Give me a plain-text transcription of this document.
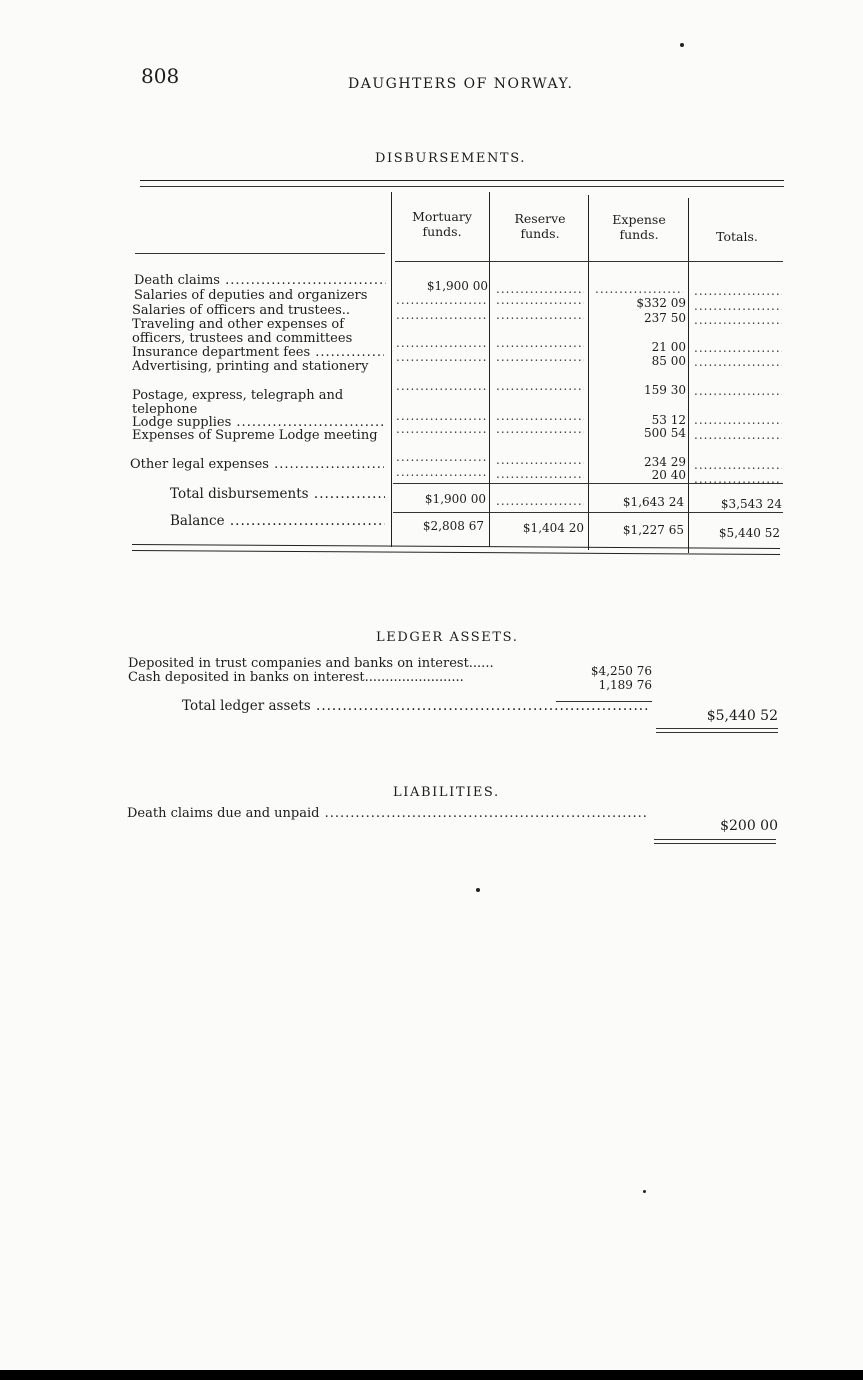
808	DAUGHTERS OF NORWAY.
DISBURSEMENTS.
Mortuary funds.
Reserve funds.
Expense funds.	Totals.
Death claims .....
Salaries of deputies and organizers
Salaries of officers and trustees..
Traveling and other expenses of officers, trustees and committees
Insurance department fees .....
Advertising, printing and stationery
Postage, express, telegraph and telephone
Lodge supplies .....
Expenses of Supreme Lodge meeting
Other legal expenses .....
.....
.....
.....
.....
.....
.....
.....
.....
.....
.....
.....
.....
.....
.....
.....
.....
.....
.....
.....
.....
.....
.....
.....
.....
.....
.....
.....
.....
.....
.....
$1,900 00
$332 09
237 50
21 00
85 00
159 30
53 12
500 54
234 29
20 40
Total disbursements .....	$1,900 00
.....	$1,643 24	$3,543 24
Balance .....	$2,808 67	$1,404 20	$1,227 65	$5,440 52
LEDGER ASSETS.
Deposited in trust companies and banks on interest......	$4,250 76
Cash deposited in banks on interest........................	1,189 76
Total ledger assets .....
$5,440 52
LIABILITIES.
Death claims due and unpaid .....
$200 00
